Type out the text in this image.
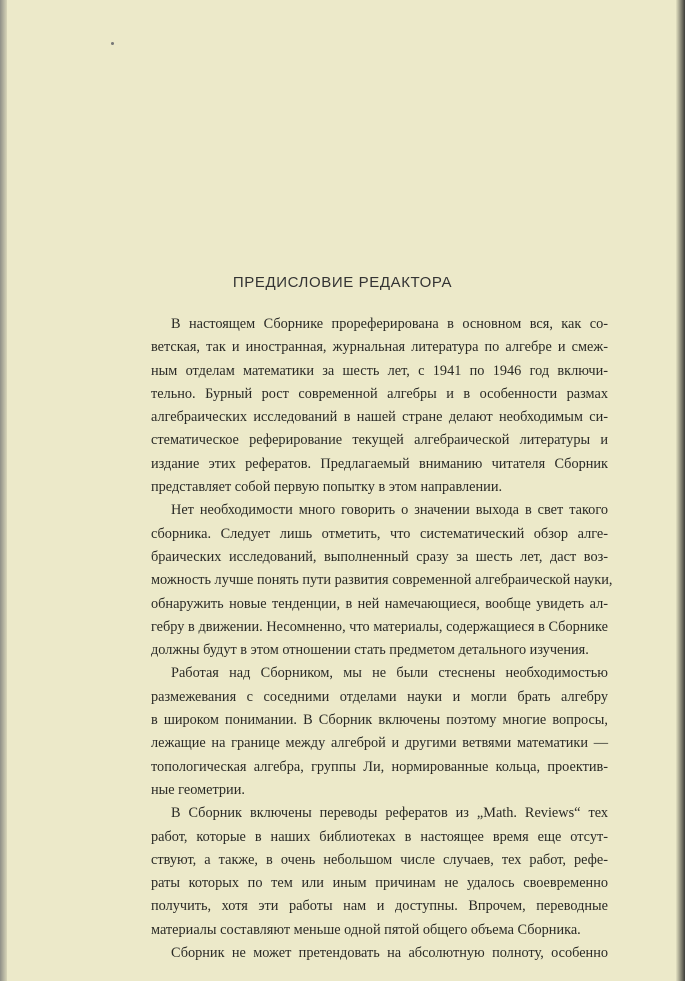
ПРЕДИСЛОВИЕ РЕДАКТОРА
В настоящем Сборнике прореферирована в основном вся, как со-
ветская, так и иностранная, журнальная литература по алгебре и смеж-
ным отделам математики за шесть лет, с 1941 по 1946 год включи-
тельно. Бурный рост современной алгебры и в особенности размах
алгебраических исследований в нашей стране делают необходимым си-
стематическое реферирование текущей алгебраической литературы и
издание этих рефератов. Предлагаемый вниманию читателя Сборник
представляет собой первую попытку в этом направлении.
Нет необходимости много говорить о значении выхода в свет такого
сборника. Следует лишь отметить, что систематический обзор алге-
браических исследований, выполненный сразу за шесть лет, даст воз-
можность лучше понять пути развития современной алгебраической науки,
обнаружить новые тенденции, в ней намечающиеся, вообще увидеть ал-
гебру в движении. Несомненно, что материалы, содержащиеся в Сборнике
должны будут в этом отношении стать предметом детального изучения.
Работая над Сборником, мы не были стеснены необходимостью
размежевания с соседними отделами науки и могли брать алгебру
в широком понимании. В Сборник включены поэтому многие вопросы,
лежащие на границе между алгеброй и другими ветвями математики —
топологическая алгебра, группы Ли, нормированные кольца, проектив-
ные геометрии.
В Сборник включены переводы рефератов из „Math. Reviews“ тех
работ, которые в наших библиотеках в настоящее время еще отсут-
ствуют, а также, в очень небольшом числе случаев, тех работ, рефе-
раты которых по тем или иным причинам не удалось своевременно
получить, хотя эти работы нам и доступны. Впрочем, переводные
материалы составляют меньше одной пятой общего объема Сборника.
Сборник не может претендовать на абсолютную полноту, особенно
